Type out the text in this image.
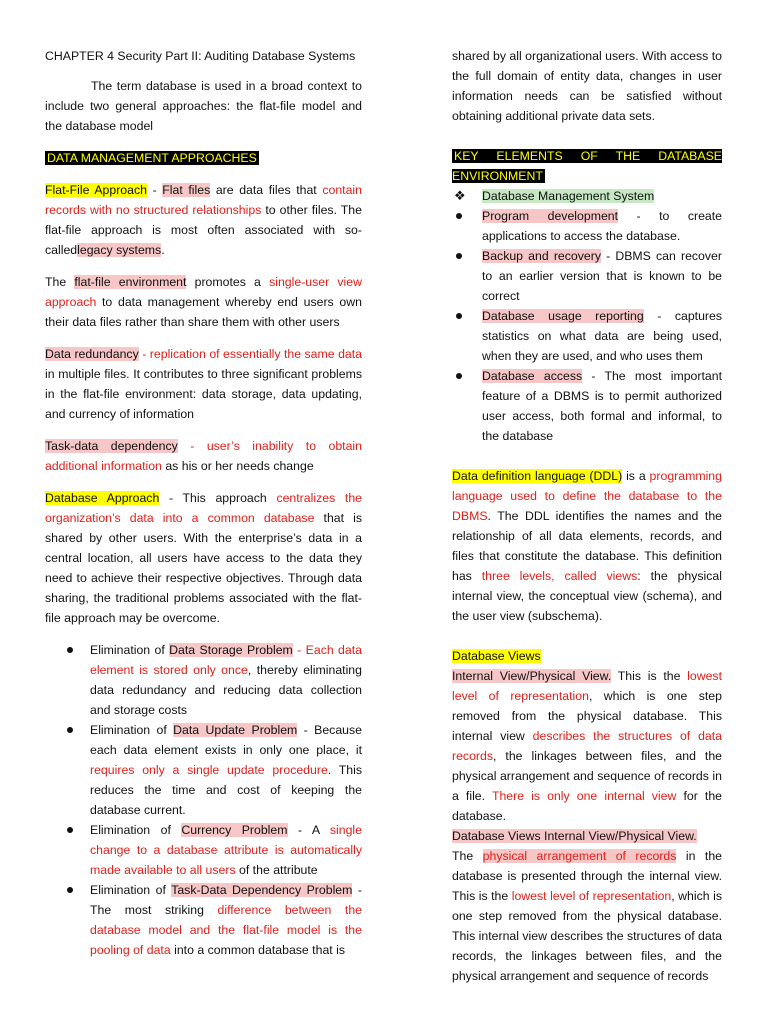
CHAPTER 4 Security Part II: Auditing Database Systems

The term database is used in a broad context to include two general approaches: the flat-file model and the database model

DATA MANAGEMENT APPROACHES

Flat-File Approach - Flat files are data files that contain records with no structured relationships to other files. The flat-file approach is most often associated with so-calledlegacy systems.

The flat-file environment promotes a single-user view approach to data management whereby end users own their data files rather than share them with other users

Data redundancy - replication of essentially the same data in multiple files. It contributes to three significant problems in the flat-file environment: data storage, data updating, and currency of information

Task-data dependency - user’s inability to obtain additional information as his or her needs change

Database Approach - This approach centralizes the organization’s data into a common database that is shared by other users. With the enterprise’s data in a central location, all users have access to the data they need to achieve their respective objectives. Through data sharing, the traditional problems associated with the flat-file approach may be overcome.

Elimination of Data Storage Problem - Each data element is stored only once, thereby eliminating data redundancy and reducing data collection and storage costs
Elimination of Data Update Problem - Because each data element exists in only one place, it requires only a single update procedure. This reduces the time and cost of keeping the database current.
Elimination of Currency Problem - A single change to a database attribute is automatically made available to all users of the attribute
Elimination of Task-Data Dependency Problem - The most striking difference between the database model and the flat-file model is the pooling of data into a common database that is

shared by all organizational users. With access to the full domain of entity data, changes in user information needs can be satisfied without obtaining additional private data sets.

KEY ELEMENTS OF THE DATABASE ENVIRONMENT

❖ Database Management System
Program development - to create applications to access the database.
Backup and recovery - DBMS can recover to an earlier version that is known to be correct
Database usage reporting - captures statistics on what data are being used, when they are used, and who uses them
Database access - The most important feature of a DBMS is to permit authorized user access, both formal and informal, to the database

Data definition language (DDL) is a programming language used to define the database to the DBMS. The DDL identifies the names and the relationship of all data elements, records, and files that constitute the database. This definition has three levels, called views: the physical internal view, the conceptual view (schema), and the user view (subschema).

Database Views

Internal View/Physical View. This is the lowest level of representation, which is one step removed from the physical database. This internal view describes the structures of data records, the linkages between files, and the physical arrangement and sequence of records in a file. There is only one internal view for the database.

Database Views Internal View/Physical View.

The physical arrangement of records in the database is presented through the internal view. This is the lowest level of representation, which is one step removed from the physical database. This internal view describes the structures of data records, the linkages between files, and the physical arrangement and sequence of records
